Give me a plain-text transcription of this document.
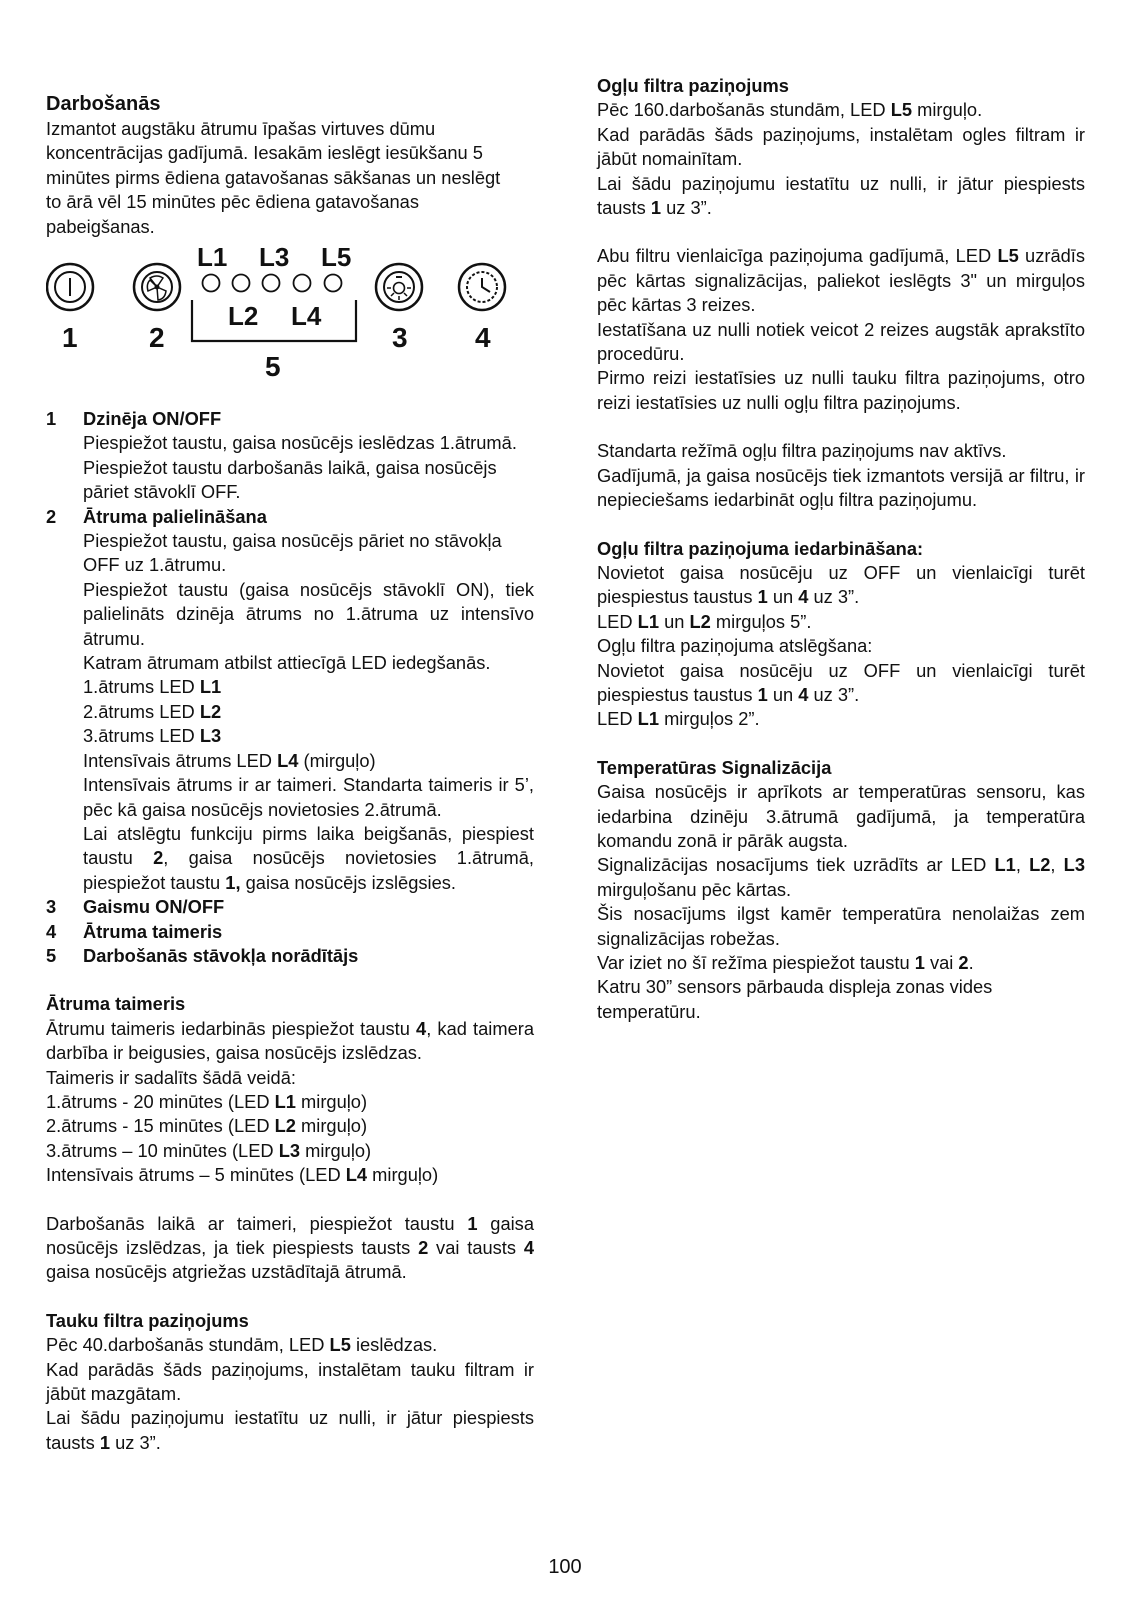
Darbošanās

Izmantot augstāku ātrumu īpašas virtuves dūmu koncentrācijas gadījumā. Iesakām ieslēgt iesūkšanu 5 minūtes pirms ēdiena gatavošanas sākšanas un neslēgt to ārā vēl 15 minūtes pēc ēdiena gatavošanas pabeigšanas.

L1 L3 L5
L2 L4
1	2	3 4
5
1	Dzinēja ON/OFF

Piespiežot taustu, gaisa nosūcējs ieslēdzas 1.ātrumā.

Piespiežot taustu darbošanās laikā, gaisa nosūcējs pāriet stāvoklī OFF.

2	Ātruma palielināšana

Piespiežot taustu, gaisa nosūcējs pāriet no stāvokļa OFF uz 1.ātrumu.

Piespiežot taustu (gaisa nosūcējs stāvoklī ON), tiek palielināts dzinēja ātrums no 1.ātruma uz intensīvo ātrumu.

Katram ātrumam atbilst attiecīgā LED iedegšanās.

1.ātrums LED L1

2.ātrums LED L2

3.ātrums LED L3

Intensīvais ātrums LED L4 (mirguļo)

Intensīvais ātrums ir ar taimeri. Standarta taimeris ir 5’, pēc kā gaisa nosūcējs novietosies 2.ātrumā.

Lai atslēgtu funkciju pirms laika beigšanās, piespiest taustu 2, gaisa nosūcējs novietosies 1.ātrumā, piespiežot taustu 1, gaisa nosūcējs izslēgsies.

3	Gaismu ON/OFF
4	Ātruma taimeris
5	Darbošanās stāvokļa norādītājs

Ātruma taimeris

Ātrumu taimeris iedarbinās piespiežot taustu 4, kad taimera darbība ir beigusies, gaisa nosūcējs izslēdzas.

Taimeris ir sadalīts šādā veidā:

1.ātrums - 20 minūtes (LED L1 mirguļo)

2.ātrums - 15 minūtes (LED L2 mirguļo)

3.ātrums – 10 minūtes (LED L3 mirguļo)

Intensīvais ātrums – 5 minūtes (LED L4 mirguļo)

Darbošanās laikā ar taimeri, piespiežot taustu 1 gaisa nosūcējs izslēdzas, ja tiek piespiests tausts 2 vai tausts 4 gaisa nosūcējs atgriežas uzstādītajā ātrumā.

Tauku filtra paziņojums

Pēc 40.darbošanās stundām, LED L5 ieslēdzas.

Kad parādās šāds paziņojums, instalētam tauku filtram ir jābūt mazgātam.

Lai šādu paziņojumu iestatītu uz nulli, ir jātur piespiests tausts 1 uz 3”.

Ogļu filtra paziņojums

Pēc 160.darbošanās stundām, LED L5 mirguļo.

Kad parādās šāds paziņojums, instalētam ogles filtram ir jābūt nomainītam.

Lai šādu paziņojumu iestatītu uz nulli, ir jātur piespiests tausts 1 uz 3”.

Abu filtru vienlaicīga paziņojuma gadījumā, LED L5 uzrādīs pēc kārtas signalizācijas, paliekot ieslēgts 3" un mirguļos pēc kārtas 3 reizes.

Iestatīšana uz nulli notiek veicot 2 reizes augstāk aprakstīto procedūru.

Pirmo reizi iestatīsies uz nulli tauku filtra paziņojums, otro reizi iestatīsies uz nulli ogļu filtra paziņojums.

Standarta režīmā ogļu filtra paziņojums nav aktīvs.

Gadījumā, ja gaisa nosūcējs tiek izmantots versijā ar filtru, ir nepieciešams iedarbināt ogļu filtra paziņojumu.

Ogļu filtra paziņojuma iedarbināšana:

Novietot gaisa nosūcēju uz OFF un vienlaicīgi turēt piespiestus taustus 1 un 4 uz 3”.

LED L1 un L2 mirguļos 5”.

Ogļu filtra paziņojuma atslēgšana:

Novietot gaisa nosūcēju uz OFF un vienlaicīgi turēt piespiestus taustus 1 un 4 uz 3”.

LED L1 mirguļos 2”.

Temperatūras Signalizācija

Gaisa nosūcējs ir aprīkots ar temperatūras sensoru, kas iedarbina dzinēju 3.ātrumā gadījumā, ja temperatūra komandu zonā ir pārāk augsta.

Signalizācijas nosacījums tiek uzrādīts ar LED L1, L2, L3 mirguļošanu pēc kārtas.

Šis nosacījums ilgst kamēr temperatūra nenolaižas zem signalizācijas robežas.

Var iziet no šī režīma piespiežot taustu 1 vai 2.

Katru 30” sensors pārbauda displeja zonas vides temperatūru.

100
